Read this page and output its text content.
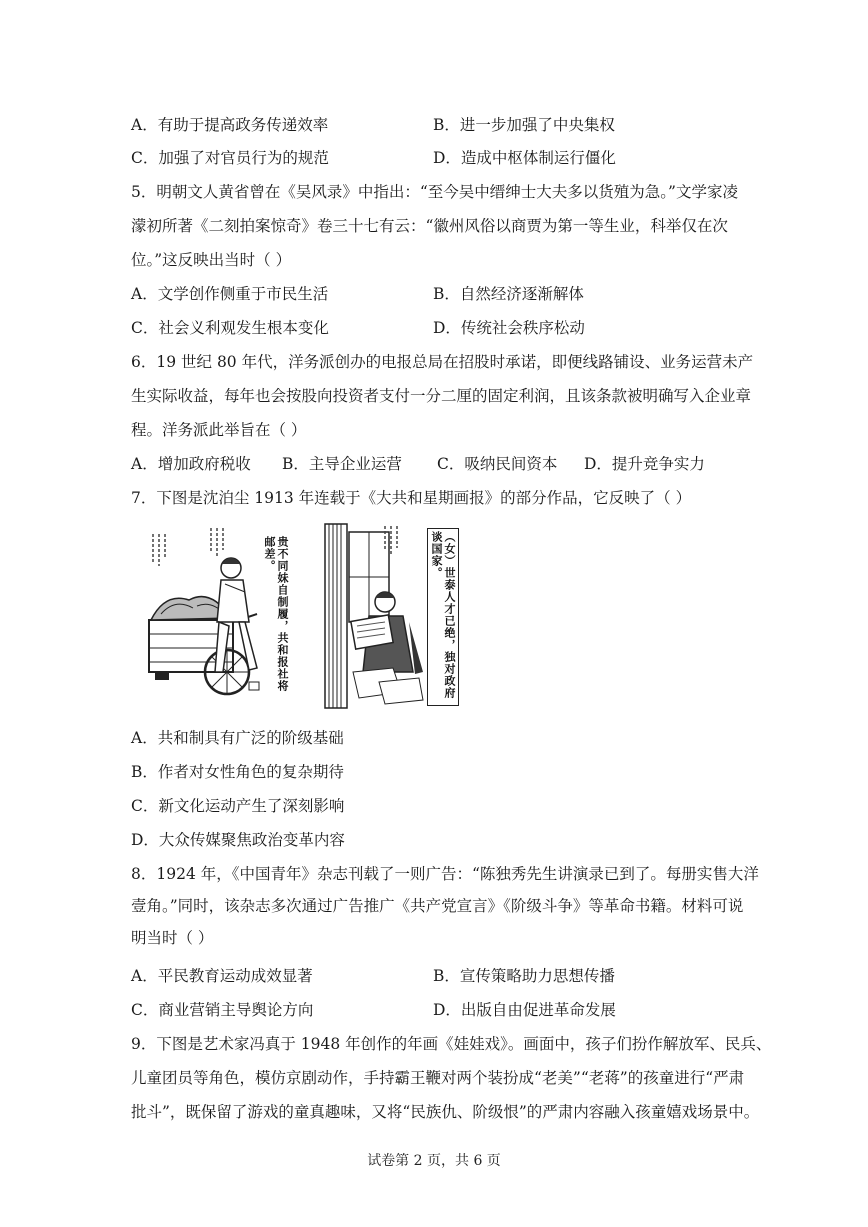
A．有助于提高政务传递效率	B．进一步加强了中央集权
C．加强了对官员行为的规范	D．造成中枢体制运行僵化
5．明朝文人黄省曾在《吴风录》中指出：“至今吴中缙绅士大夫多以货殖为急。”文学家凌
濛初所著《二刻拍案惊奇》卷三十七有云：“徽州风俗以商贾为第一等生业，科举仅在次
位。”这反映出当时（ ）
A．文学创作侧重于市民生活	B．自然经济逐渐解体
C．社会义利观发生根本变化	D．传统社会秩序松动
6．19 世纪 80 年代，洋务派创办的电报总局在招股时承诺，即便线路铺设、业务运营未产
生实际收益，每年也会按股向投资者支付一分二厘的固定利润，且该条款被明确写入企业章
程。洋务派此举旨在（ ）
A．增加政府税收 B．主导企业运营 C．吸纳民间资本 D．提升竞争实力
7．下图是沈泊尘 1913 年连载于《大共和星期画报》的部分作品，它反映了（ ）
贵不同妹自制履，共和报社将邮差。	（女）世泰人才已绝，独对政府谈国家。
A．共和制具有广泛的阶级基础
B．作者对女性角色的复杂期待
C．新文化运动产生了深刻影响
D．大众传媒聚焦政治变革内容
8．1924 年，《中国青年》杂志刊载了一则广告：“陈独秀先生讲演录已到了。每册实售大洋
壹角。”同时，该杂志多次通过广告推广《共产党宣言》《阶级斗争》等革命书籍。材料可说
明当时（ ）
A．平民教育运动成效显著	B．宣传策略助力思想传播
C．商业营销主导舆论方向	D．出版自由促进革命发展
9．下图是艺术家冯真于 1948 年创作的年画《娃娃戏》。画面中，孩子们扮作解放军、民兵、
儿童团员等角色，模仿京剧动作，手持霸王鞭对两个装扮成“老美”“老蒋”的孩童进行“严肃
批斗”，既保留了游戏的童真趣味，又将“民族仇、阶级恨”的严肃内容融入孩童嬉戏场景中。
试卷第 2 页，共 6 页
